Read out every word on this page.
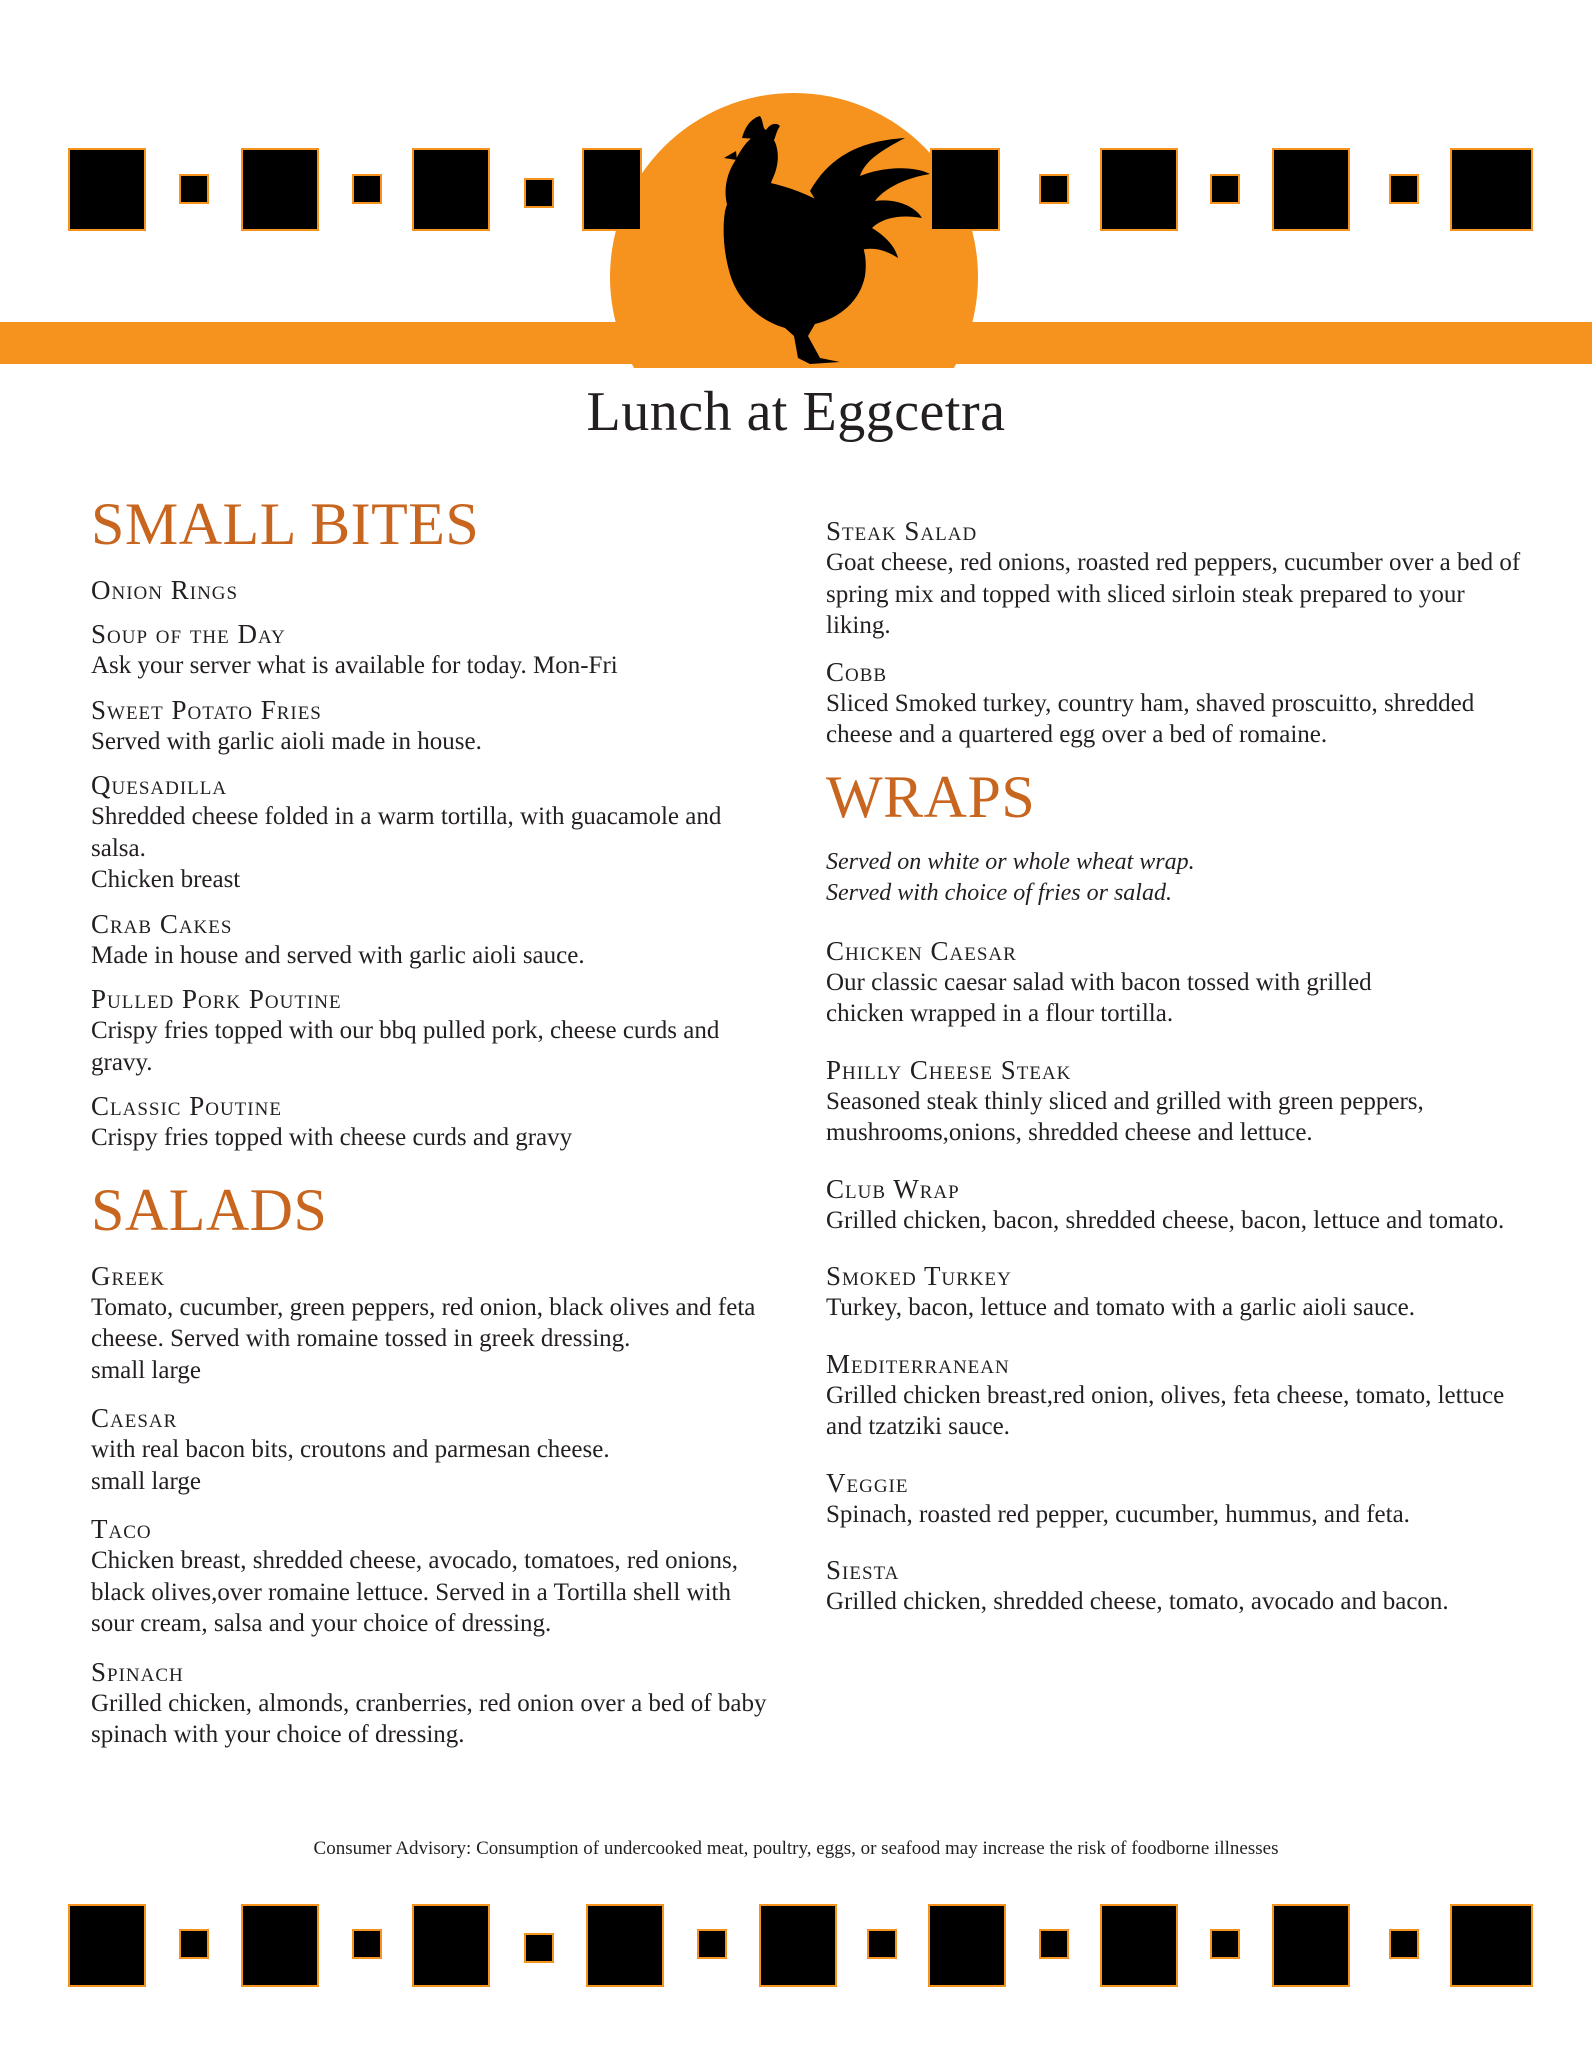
Lunch at Eggcetra
SMALL BITES
Onion Rings
Soup of the Day
Ask your server what is available for today. Mon-Fri
Sweet Potato Fries
Served with garlic aioli made in house.
Quesadilla
Shredded cheese folded in a warm tortilla, with guacamole and salsa.
Chicken breast
Crab Cakes
Made in house and served with garlic aioli sauce.
Pulled Pork Poutine
Crispy fries topped with our bbq pulled pork, cheese curds and gravy.
Classic Poutine
Crispy fries topped with cheese curds and gravy
SALADS
Greek
Tomato, cucumber, green peppers, red onion, black olives and feta cheese. Served with romaine tossed in greek dressing.
small large
Caesar
with real bacon bits, croutons and parmesan cheese.
small large
Taco
Chicken breast, shredded cheese, avocado, tomatoes, red onions, black olives,over romaine lettuce. Served in a Tortilla shell with sour cream, salsa and your choice of dressing.
Spinach
Grilled chicken, almonds, cranberries, red onion over a bed of baby spinach with your choice of dressing.
Steak Salad
Goat cheese, red onions, roasted red peppers, cucumber over a bed of spring mix and topped with sliced sirloin steak prepared to your liking.
Cobb
Sliced Smoked turkey, country ham, shaved proscuitto, shredded cheese and a quartered egg over a bed of romaine.
WRAPS
Served on white or whole wheat wrap.
Served with choice of fries or salad.
Chicken Caesar
Our classic caesar salad with bacon tossed with grilled chicken wrapped in a flour tortilla.
Philly Cheese Steak
Seasoned steak thinly sliced and grilled with green peppers, mushrooms,onions, shredded cheese and lettuce.
Club Wrap
Grilled chicken, bacon, shredded cheese, bacon, lettuce and tomato.
Smoked Turkey
Turkey, bacon, lettuce and tomato with a garlic aioli sauce.
Mediterranean
Grilled chicken breast,red onion, olives, feta cheese, tomato, lettuce and tzatziki sauce.
Veggie
Spinach, roasted red pepper, cucumber, hummus, and feta.
Siesta
Grilled chicken, shredded cheese, tomato, avocado and bacon.
Consumer Advisory: Consumption of undercooked meat, poultry, eggs, or seafood may increase the risk of foodborne illnesses
